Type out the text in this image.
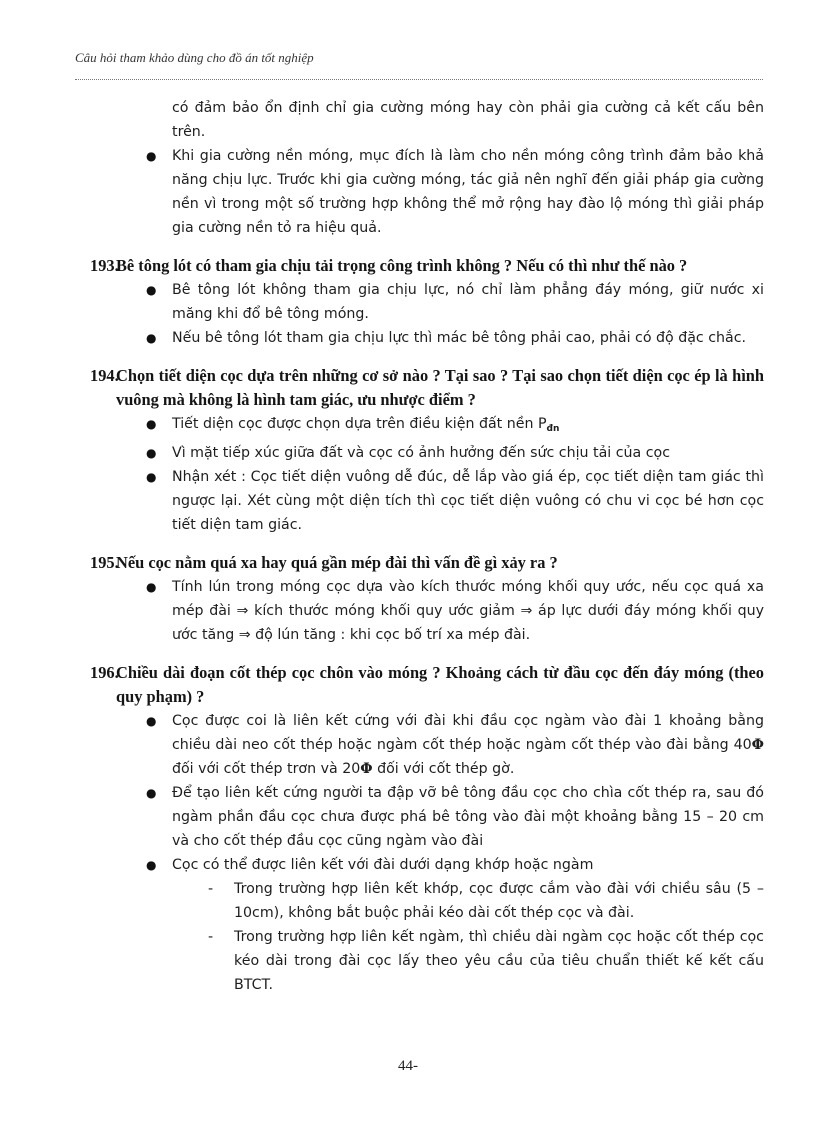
Câu hỏi tham khảo dùng cho đồ án tốt nghiệp
có đảm bảo ổn định chỉ gia cường móng hay còn phải gia cường cả kết cấu bên trên.
● Khi gia cường nền móng, mục đích là làm cho nền móng công trình đảm bảo khả năng chịu lực. Trước khi gia cường móng, tác giả nên nghĩ đến giải pháp gia cường nền vì trong một số trường hợp không thể mở rộng hay đào lộ móng thì giải pháp gia cường nền tỏ ra hiệu quả.
193.
Bê tông lót có tham gia chịu tải trọng công trình không ? Nếu có thì như thế nào ?
● Bê tông lót không tham gia chịu lực, nó chỉ làm phẳng đáy móng, giữ nước xi măng khi đổ bê tông móng.
● Nếu bê tông lót tham gia chịu lực thì mác bê tông phải cao, phải có độ đặc chắc.
194.
Chọn tiết diện cọc dựa trên những cơ sở nào ? Tại sao ? Tại sao chọn tiết diện cọc ép là hình vuông mà không là hình tam giác, ưu nhược điểm ?
● Tiết diện cọc được chọn dựa trên điều kiện đất nền $P_{đn}$
● Vì mặt tiếp xúc giữa đất và cọc có ảnh hưởng đến sức chịu tải của cọc
● Nhận xét : Cọc tiết diện vuông dễ đúc, dễ lắp vào giá ép, cọc tiết diện tam giác thì ngược lại. Xét cùng một diện tích thì cọc tiết diện vuông có chu vi cọc bé hơn cọc tiết diện tam giác.
195.
Nếu cọc nằm quá xa hay quá gần mép đài thì vấn đề gì xảy ra ?
● Tính lún trong móng cọc dựa vào kích thước móng khối quy ước, nếu cọc quá xa mép đài ⇒ kích thước móng khối quy ước giảm ⇒ áp lực dưới đáy móng khối quy ước tăng ⇒ độ lún tăng : khi cọc bố trí xa mép đài.
196.
Chiều dài đoạn cốt thép cọc chôn vào móng ? Khoảng cách từ đầu cọc đến đáy móng (theo quy phạm) ?
● Cọc được coi là liên kết cứng với đài khi đầu cọc ngàm vào đài 1 khoảng bằng chiều dài neo cốt thép hoặc ngàm cốt thép hoặc ngàm cốt thép vào đài bằng 40Φ đối với cốt thép trơn và 20Φ đối với cốt thép gờ.
● Để tạo liên kết cứng người ta đập vỡ bê tông đầu cọc cho chìa cốt thép ra, sau đó ngàm phần đầu cọc chưa được phá bê tông vào đài một khoảng bằng 15 – 20 cm và cho cốt thép đầu cọc cũng ngàm vào đài
● Cọc có thể được liên kết với đài dưới dạng khớp hoặc ngàm
- Trong trường hợp liên kết khớp, cọc được cắm vào đài với chiều sâu (5 – 10cm), không bắt buộc phải kéo dài cốt thép cọc và đài.
- Trong trường hợp liên kết ngàm, thì chiều dài ngàm cọc hoặc cốt thép cọc kéo dài trong đài cọc lấy theo yêu cầu của tiêu chuẩn thiết kế kết cấu BTCT.
44-
